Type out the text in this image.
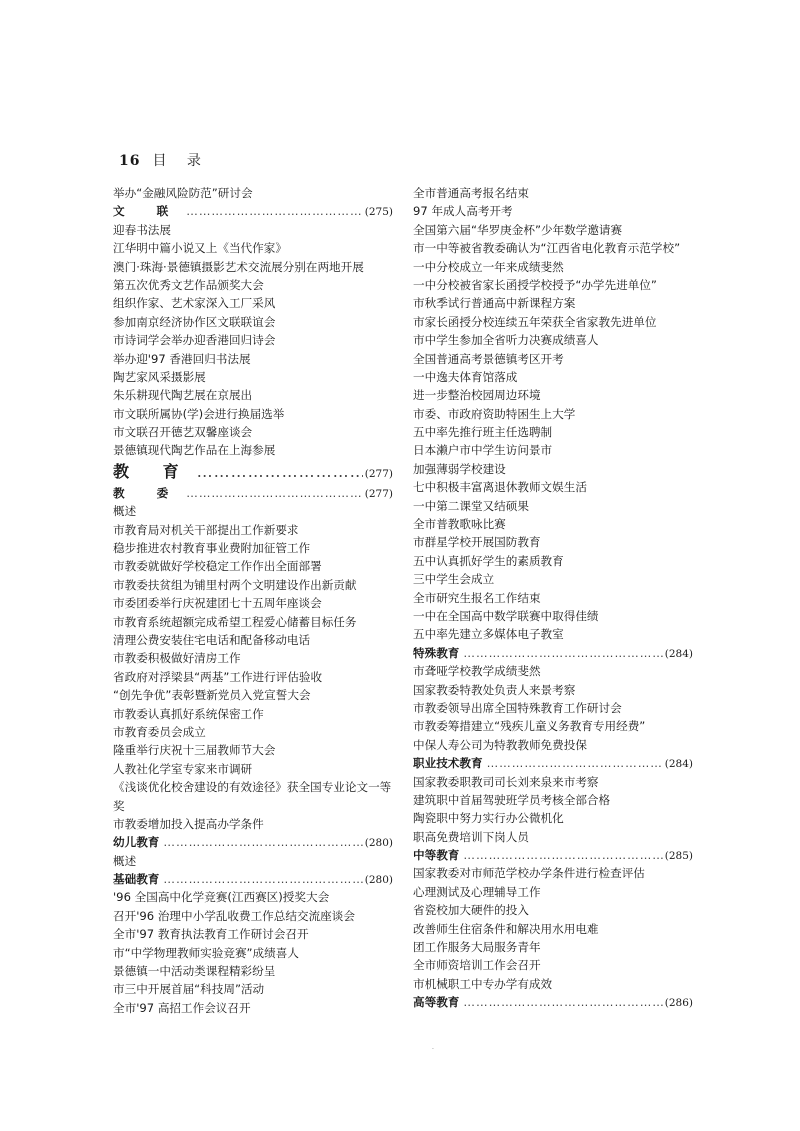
16 目 录
举办“金融风险防范”研讨会
文 联 …………………………………………………………………………………………………………	(275)
迎春书法展
江华明中篇小说又上《当代作家》
澳门·珠海·景德镇摄影艺术交流展分别在两地开展
第五次优秀文艺作品颁奖大会
组织作家、艺术家深入工厂采风
参加南京经济协作区文联联谊会
市诗词学会举办迎香港回归诗会
举办迎'97 香港回归书法展
陶艺家风采摄影展
朱乐耕现代陶艺展在京展出
市文联所属协(学)会进行换届选举
市文联召开德艺双馨座谈会
景德镇现代陶艺作品在上海参展
教 育 …………………………………………………………………………………………………………	(277)
教 委 …………………………………………………………………………………………………………	(277)
概述
市教育局对机关干部提出工作新要求
稳步推进农村教育事业费附加征管工作
市教委就做好学校稳定工作作出全面部署
市教委扶贫组为铺里村两个文明建设作出新贡献
市委团委举行庆祝建团七十五周年座谈会
市教育系统超额完成希望工程爱心储蓄目标任务
清理公费安装住宅电话和配备移动电话
市教委积极做好清房工作
省政府对浮梁县“两基”工作进行评估验收
“创先争优”表彰暨新党员入党宣誓大会
市教委认真抓好系统保密工作
市教育委员会成立
隆重举行庆祝十三届教师节大会
人教社化学室专家来市调研
《浅谈优化校舍建设的有效途径》获全国专业论文一等
奖
市教委增加投入提高办学条件
幼儿教育 …………………………………………………………………………………………………………	(280)
概述
基础教育 …………………………………………………………………………………………………………	(280)
'96 全国高中化学竞赛(江西赛区)授奖大会
召开'96 治理中小学乱收费工作总结交流座谈会
全市'97 教育执法教育工作研讨会召开
市“中学物理教师实验竞赛”成绩喜人
景德镇一中活动类课程精彩纷呈
市三中开展首届“科技周”活动
全市'97 高招工作会议召开
全市普通高考报名结束
97 年成人高考开考
全国第六届“华罗庚金杯”少年数学邀请赛
市一中等被省教委确认为“江西省电化教育示范学校”
一中分校成立一年来成绩斐然
一中分校被省家长函授学校授予“办学先进单位”
市秋季试行普通高中新课程方案
市家长函授分校连续五年荣获全省家教先进单位
市中学生参加全省听力决赛成绩喜人
全国普通高考景德镇考区开考
一中逸夫体育馆落成
进一步整治校园周边环境
市委、市政府资助特困生上大学
五中率先推行班主任选聘制
日本濑户市中学生访问景市
加强薄弱学校建设
七中积极丰富离退休教师文娱生活
一中第二课堂又结硕果
全市普教歌咏比赛
市群星学校开展国防教育
五中认真抓好学生的素质教育
三中学生会成立
全市研究生报名工作结束
一中在全国高中数学联赛中取得佳绩
五中率先建立多媒体电子教室
特殊教育 …………………………………………………………………………………………………………	(284)
市聋哑学校教学成绩斐然
国家教委特教处负责人来景考察
市教委领导出席全国特殊教育工作研讨会
市教委筹措建立“残疾儿童义务教育专用经费”
中保人寿公司为特教教师免费投保
职业技术教育 …………………………………………………………………………………………………………	(284)
国家教委职教司司长刘来泉来市考察
建筑职中首届驾驶班学员考核全部合格
陶瓷职中努力实行办公微机化
职高免费培训下岗人员
中等教育 …………………………………………………………………………………………………………	(285)
国家教委对市师范学校办学条件进行检查评估
心理测试及心理辅导工作
省瓷校加大硬件的投入
改善师生住宿条件和解决用水用电难
团工作服务大局服务青年
全市师资培训工作会召开
市机械职工中专办学有成效
高等教育 …………………………………………………………………………………………………………	(286)
·
